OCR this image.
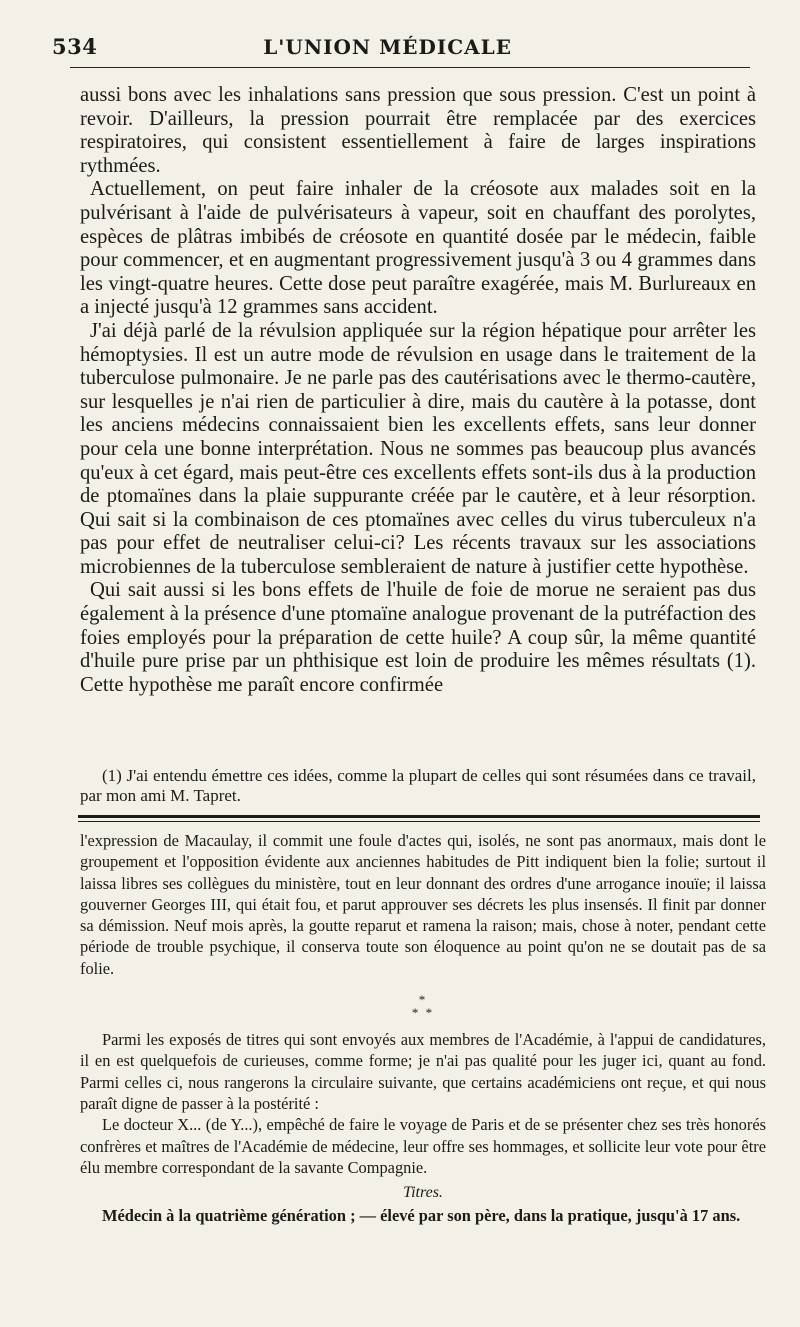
534	L'UNION MÉDICALE

aussi bons avec les inhalations sans pression que sous pression. C'est un point à revoir. D'ailleurs, la pression pourrait être remplacée par des exercices respiratoires, qui consistent essentiellement à faire de larges inspirations rythmées.

Actuellement, on peut faire inhaler de la créosote aux malades soit en la pulvérisant à l'aide de pulvérisateurs à vapeur, soit en chauffant des porolytes, espèces de plâtras imbibés de créosote en quantité dosée par le médecin, faible pour commencer, et en augmentant progressivement jusqu'à 3 ou 4 grammes dans les vingt-quatre heures. Cette dose peut paraître exagérée, mais M. Burlureaux en a injecté jusqu'à 12 grammes sans accident.

J'ai déjà parlé de la révulsion appliquée sur la région hépatique pour arrêter les hémoptysies. Il est un autre mode de révulsion en usage dans le traitement de la tuberculose pulmonaire. Je ne parle pas des cautérisations avec le thermo-cautère, sur lesquelles je n'ai rien de particulier à dire, mais du cautère à la potasse, dont les anciens médecins connaissaient bien les excellents effets, sans leur donner pour cela une bonne interprétation. Nous ne sommes pas beaucoup plus avancés qu'eux à cet égard, mais peut-être ces excellents effets sont-ils dus à la production de ptomaïnes dans la plaie suppurante créée par le cautère, et à leur résorption. Qui sait si la combinaison de ces ptomaïnes avec celles du virus tuberculeux n'a pas pour effet de neutraliser celui-ci? Les récents travaux sur les associations microbiennes de la tuberculose sembleraient de nature à justifier cette hypothèse.

Qui sait aussi si les bons effets de l'huile de foie de morue ne seraient pas dus également à la présence d'une ptomaïne analogue provenant de la putréfaction des foies employés pour la préparation de cette huile? A coup sûr, la même quantité d'huile pure prise par un phthisique est loin de produire les mêmes résultats (1). Cette hypothèse me paraît encore confirmée

(1) J'ai entendu émettre ces idées, comme la plupart de celles qui sont résumées dans ce travail, par mon ami M. Tapret.

l'expression de Macaulay, il commit une foule d'actes qui, isolés, ne sont pas anormaux, mais dont le groupement et l'opposition évidente aux anciennes habitudes de Pitt indiquent bien la folie; surtout il laissa libres ses collègues du ministère, tout en leur donnant des ordres d'une arrogance inouïe; il laissa gouverner Georges III, qui était fou, et parut approuver ses décrets les plus insensés. Il finit par donner sa démission. Neuf mois après, la goutte reparut et ramena la raison; mais, chose à noter, pendant cette période de trouble psychique, il conserva toute son éloquence au point qu'on ne se doutait pas de sa folie.

*
* *

Parmi les exposés de titres qui sont envoyés aux membres de l'Académie, à l'appui de candidatures, il en est quelquefois de curieuses, comme forme; je n'ai pas qualité pour les juger ici, quant au fond. Parmi celles ci, nous rangerons la circulaire suivante, que certains académiciens ont reçue, et qui nous paraît digne de passer à la postérité :

Le docteur X... (de Y...), empêché de faire le voyage de Paris et de se présenter chez ses très honorés confrères et maîtres de l'Académie de médecine, leur offre ses hommages, et sollicite leur vote pour être élu membre correspondant de la savante Compagnie.

Titres.

Médecin à la quatrième génération ; — élevé par son père, dans la pratique, jusqu'à 17 ans.
